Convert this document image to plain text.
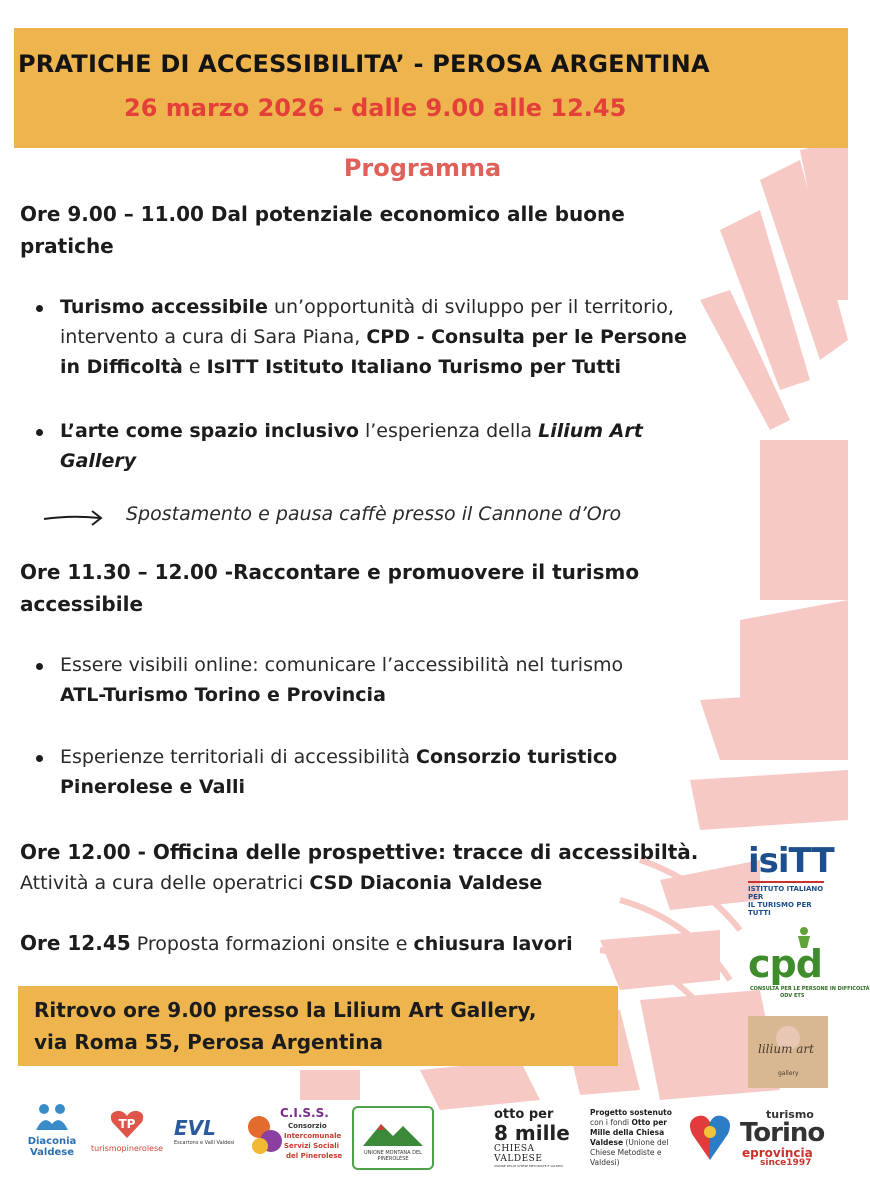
PRATICHE DI ACCESSIBILITA’ - PEROSA ARGENTINA
26 marzo 2026 - dalle 9.00 alle 12.45
Programma
Ore 9.00 – 11.00 Dal potenziale economico alle buone
pratiche
Turismo accessibile un’opportunità di sviluppo per il territorio,
intervento a cura di Sara Piana, CPD - Consulta per le Persone
in Difficoltà e IsITT Istituto Italiano Turismo per Tutti
L’arte come spazio inclusivo l’esperienza della Lilium Art
Gallery
Spostamento e pausa caffè presso il Cannone d’Oro
Ore 11.30 – 12.00 -Raccontare e promuovere il turismo
accessibile
Essere visibili online: comunicare l’accessibilità nel turismo
ATL-Turismo Torino e Provincia
Esperienze territoriali di accessibilità Consorzio turistico
Pinerolese e Valli
Ore 12.00 - Officina delle prospettive: tracce di accessibiltà.
Attività a cura delle operatrici CSD Diaconia Valdese
Ore 12.45 Proposta formazioni onsite e chiusura lavori
Ritrovo ore 9.00 presso la Lilium Art Gallery,
via Roma 55, Perosa Argentina
isiTT
ISTITUTO ITALIANO PER
IL TURISMO PER TUTTI
cpd
CONSULTA PER LE PERSONE IN DIFFICOLTÀ
ODV ETS
lilium art
gallery
Diaconia
Valdese
TP
turismopinerolese
EVL
Escartons e Valli Valdesi
C.I.S.S.
Consorzio
Intercomunale
Servizi Sociali
del Pinerolese	UNIONE MONTANA DEL PINEROLESE
otto per
8 mille
CHIESA VALDESE
UNIONE DELLE CHIESE METODISTE E VALDESI
Progetto sostenuto
con i fondi Otto per
Mille della Chiesa
Valdese (Unione del
Chiese Metodiste e
Valdesi)
turismo
Torino
eprovincia
since1997
